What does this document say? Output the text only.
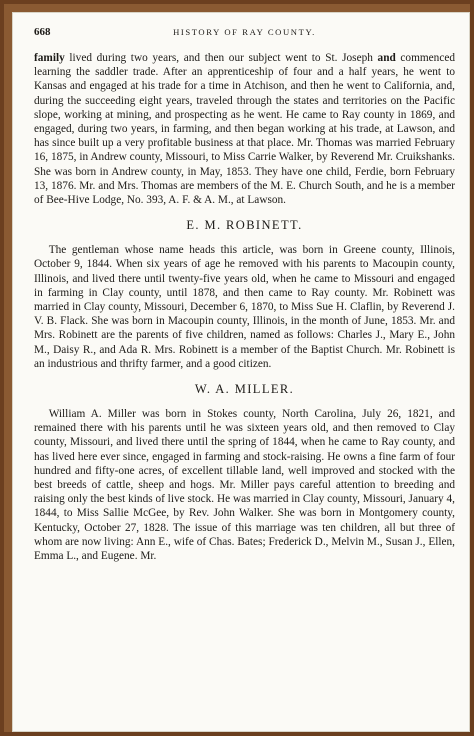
668	HISTORY OF RAY COUNTY.

family lived during two years, and then our subject went to St. Joseph and commenced learning the saddler trade. After an apprenticeship of four and a half years, he went to Kansas and engaged at his trade for a time in Atchison, and then he went to California, and, during the succeeding eight years, traveled through the states and territories on the Pacific slope, working at mining, and prospecting as he went. He came to Ray county in 1869, and engaged, during two years, in farming, and then began working at his trade, at Lawson, and has since built up a very profitable business at that place. Mr. Thomas was married February 16, 1875, in Andrew county, Missouri, to Miss Carrie Walker, by Reverend Mr. Cruikshanks. She was born in Andrew county, in May, 1853. They have one child, Ferdie, born February 13, 1876. Mr. and Mrs. Thomas are members of the M. E. Church South, and he is a member of Bee-Hive Lodge, No. 393, A. F. & A. M., at Lawson.

E. M. ROBINETT.

The gentleman whose name heads this article, was born in Greene county, Illinois, October 9, 1844. When six years of age he removed with his parents to Macoupin county, Illinois, and lived there until twenty-five years old, when he came to Missouri and engaged in farming in Clay county, until 1878, and then came to Ray county. Mr. Robinett was married in Clay county, Missouri, December 6, 1870, to Miss Sue H. Claflin, by Reverend J. V. B. Flack. She was born in Macoupin county, Illinois, in the month of June, 1853. Mr. and Mrs. Robinett are the parents of five children, named as follows: Charles J., Mary E., John M., Daisy R., and Ada R. Mrs. Robinett is a member of the Baptist Church. Mr. Robinett is an industrious and thrifty farmer, and a good citizen.

W. A. MILLER.

William A. Miller was born in Stokes county, North Carolina, July 26, 1821, and remained there with his parents until he was sixteen years old, and then removed to Clay county, Missouri, and lived there until the spring of 1844, when he came to Ray county, and has lived here ever since, engaged in farming and stock-raising. He owns a fine farm of four hundred and fifty-one acres, of excellent tillable land, well improved and stocked with the best breeds of cattle, sheep and hogs. Mr. Miller pays careful attention to breeding and raising only the best kinds of live stock. He was married in Clay county, Missouri, January 4, 1844, to Miss Sallie McGee, by Rev. John Walker. She was born in Montgomery county, Kentucky, October 27, 1828. The issue of this marriage was ten children, all but three of whom are now living: Ann E., wife of Chas. Bates; Frederick D., Melvin M., Susan J., Ellen, Emma L., and Eugene. Mr.
